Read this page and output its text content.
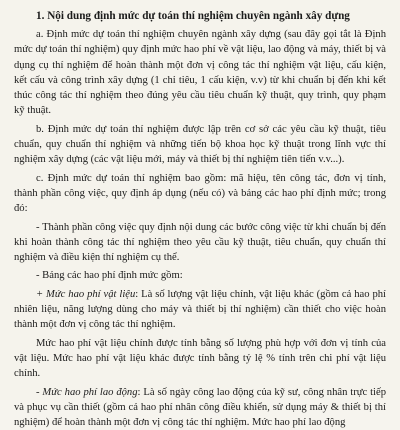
1. Nội dung định mức dự toán thí nghiệm chuyên ngành xây dựng

a. Định mức dự toán thí nghiệm chuyên ngành xây dựng (sau đây gọi tắt là Định mức dự toán thí nghiệm) quy định mức hao phí về vật liệu, lao động và máy, thiết bị và dụng cụ thí nghiệm để hoàn thành một đơn vị công tác thí nghiệm vật liệu, cấu kiện, kết cấu và công trình xây dựng (1 chỉ tiêu, 1 cấu kiện, v.v) từ khi chuẩn bị đến khi kết thúc công tác thí nghiệm theo đúng yêu cầu tiêu chuẩn kỹ thuật, quy trình, quy phạm kỹ thuật.

b. Định mức dự toán thí nghiệm được lập trên cơ sở các yêu cầu kỹ thuật, tiêu chuẩn, quy chuẩn thí nghiệm và những tiến bộ khoa học kỹ thuật trong lĩnh vực thí nghiệm xây dựng (các vật liệu mới, máy và thiết bị thí nghiệm tiên tiến v.v...).

c. Định mức dự toán thí nghiệm bao gồm: mã hiệu, tên công tác, đơn vị tính, thành phần công việc, quy định áp dụng (nếu có) và bảng các hao phí định mức; trong đó:

- Thành phần công việc quy định nội dung các bước công việc từ khi chuẩn bị đến khi hoàn thành công tác thí nghiệm theo yêu cầu kỹ thuật, tiêu chuẩn, quy chuẩn thí nghiệm và điều kiện thí nghiệm cụ thể.

- Bảng các hao phí định mức gồm:

+ Mức hao phí vật liệu: Là số lượng vật liệu chính, vật liệu khác (gồm cả hao phí nhiên liệu, năng lượng dùng cho máy và thiết bị thí nghiệm) cần thiết cho việc hoàn thành một đơn vị công tác thí nghiệm.

Mức hao phí vật liệu chính được tính bằng số lượng phù hợp với đơn vị tính của vật liệu. Mức hao phí vật liệu khác được tính bằng tỷ lệ % tính trên chi phí vật liệu chính.

- Mức hao phí lao động: Là số ngày công lao động của kỹ sư, công nhân trực tiếp và phục vụ cần thiết (gồm cả hao phí nhân công điều khiển, sử dụng máy & thiết bị thí nghiệm) để hoàn thành một đơn vị công tác thí nghiệm. Mức hao phí lao động
